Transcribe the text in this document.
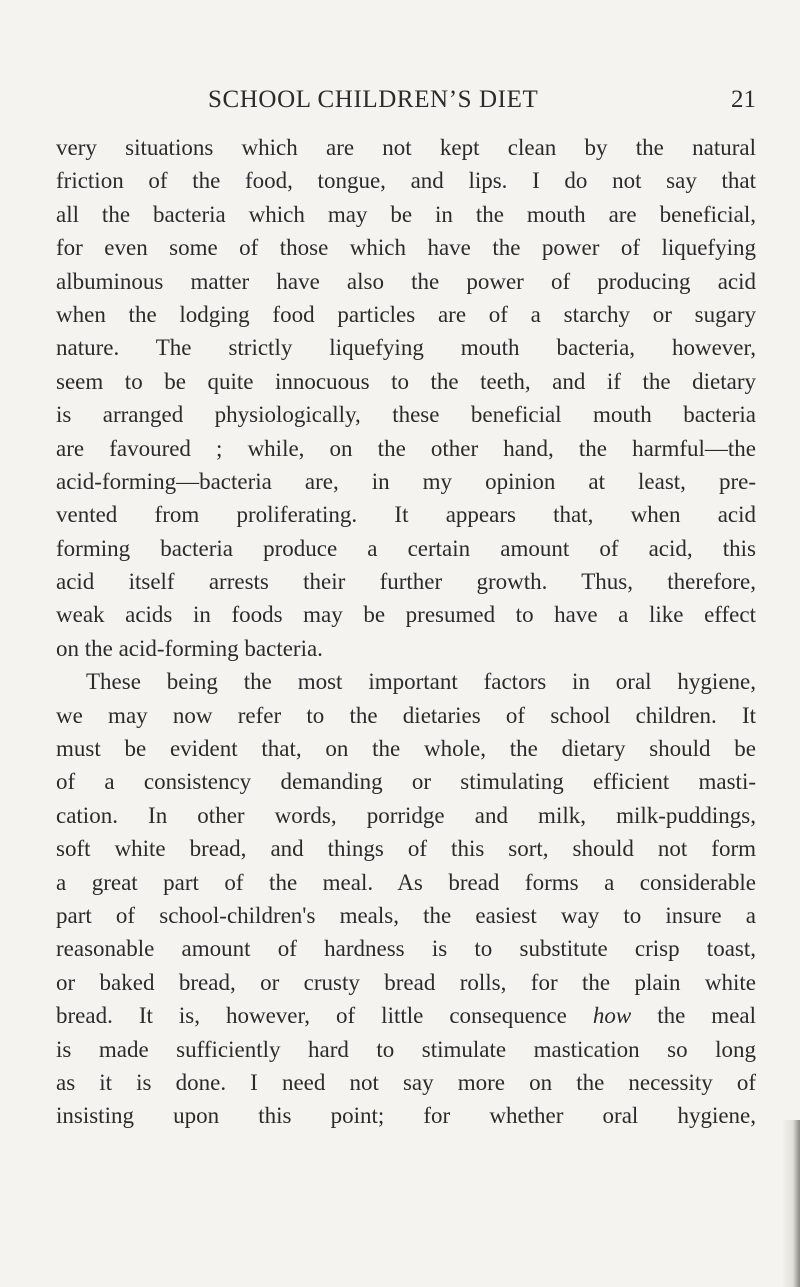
SCHOOL CHILDREN’S DIET	21
very situations which are not kept clean by the natural
friction of the food, tongue, and lips. I do not say that
all the bacteria which may be in the mouth are beneficial,
for even some of those which have the power of liquefying
albuminous matter have also the power of producing acid
when the lodging food particles are of a starchy or sugary
nature. The strictly liquefying mouth bacteria, however,
seem to be quite innocuous to the teeth, and if the dietary
is arranged physiologically, these beneficial mouth bacteria
are favoured ; while, on the other hand, the harmful—the
acid-forming—bacteria are, in my opinion at least, pre-
vented from proliferating. It appears that, when acid
forming bacteria produce a certain amount of acid, this
acid itself arrests their further growth. Thus, therefore,
weak acids in foods may be presumed to have a like effect
on the acid-forming bacteria.
These being the most important factors in oral hygiene,
we may now refer to the dietaries of school children. It
must be evident that, on the whole, the dietary should be
of a consistency demanding or stimulating efficient masti-
cation. In other words, porridge and milk, milk-puddings,
soft white bread, and things of this sort, should not form
a great part of the meal. As bread forms a considerable
part of school-children's meals, the easiest way to insure a
reasonable amount of hardness is to substitute crisp toast,
or baked bread, or crusty bread rolls, for the plain white
bread. It is, however, of little consequence how the meal
is made sufficiently hard to stimulate mastication so long
as it is done. I need not say more on the necessity of
insisting upon this point; for whether oral hygiene,
